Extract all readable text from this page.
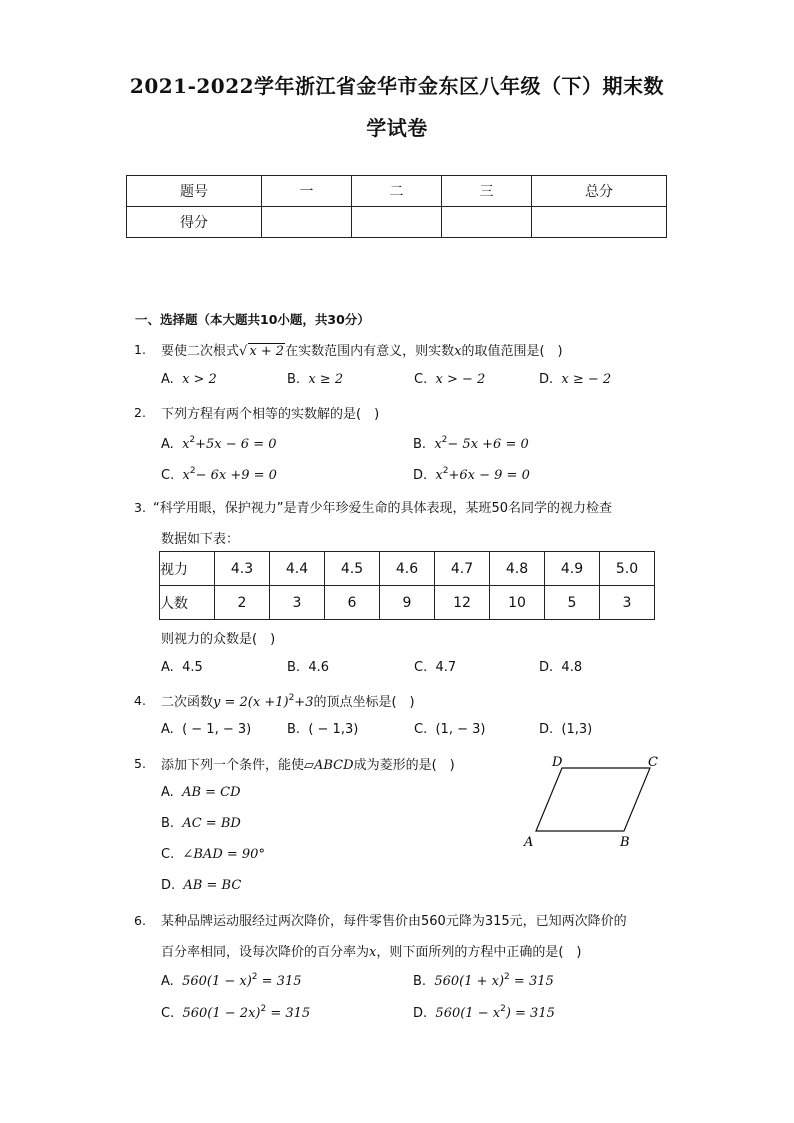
2021-2022学年浙江省金华市金东区八年级（下）期末数
学试卷
题号	一	二	三	总分
得分				
一、选择题（本大题共10小题，共30分）
1. 要使二次根式√ x + 2在实数范围内有意义，则实数x的取值范围是(　)
A. x > 2	B. x ≥ 2	C. x > − 2	D. x ≥ − 2
2. 下列方程有两个相等的实数解的是(　)
A. $x^2+5x - 6 = 0$	B. $x^2- 5x +6 = 0$
C. $x^2- 6x +9 = 0$	D. $x^2+6x - 9 = 0$
3. “科学用眼，保护视力”是青少年珍爱生命的具体表现，某班50名同学的视力检查
数据如下表：
视力	4.3	4.4	4.5	4.6	4.7	4.8	4.9	5.0
人数	2	3	6	9	12	10	5	3
则视力的众数是(　)
A. 4.5	B. 4.6	C. 4.7	D. 4.8
4. 二次函数$y = 2(x +1)^2+3$的顶点坐标是(　)
A. ( − 1, − 3)	B. ( − 1,3)	C. (1, − 3)	D. (1,3)
5. 添加下列一个条件，能使▱ABCD成为菱形的是(　)
A. AB = CD
B. AC = BD
C. ∠BAD = 90°
D. AB = BC
A	B
C
D
6. 某种品牌运动服经过两次降价，每件零售价由560元降为315元，已知两次降价的
百分率相同，设每次降价的百分率为x，则下面所列的方程中正确的是(　)
A. $560(1 - x)^2 = 315$	B. $560(1 + x)^2 = 315$
C. $560(1 - 2x)^2 = 315$	D. $560(1 - x^2) = 315$
